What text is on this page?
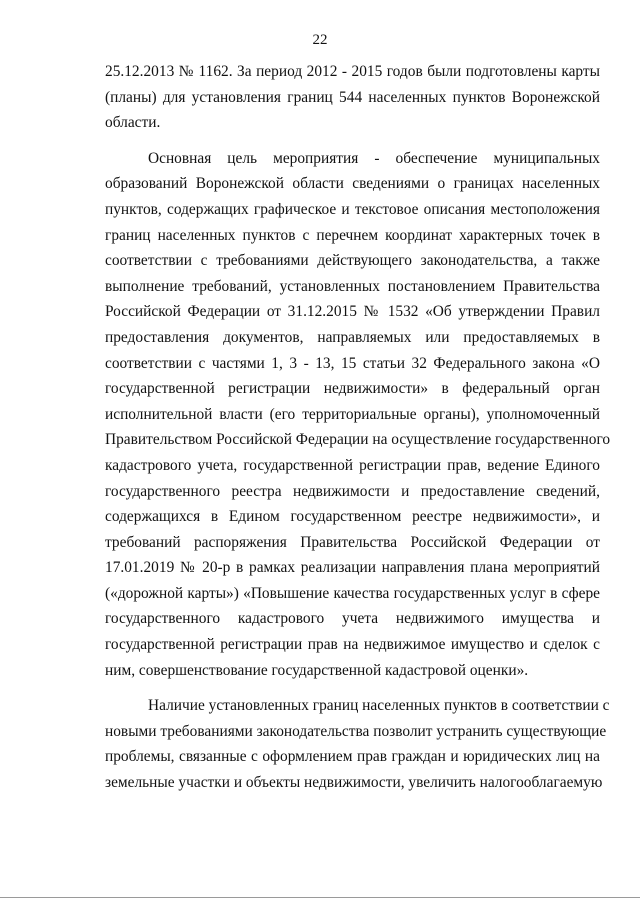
22
25.12.2013 № 1162. За период 2012 - 2015 годов были подготовлены карты
(планы) для установления границ 544 населенных пунктов Воронежской
области.
Основная цель мероприятия - обеспечение муниципальных
образований Воронежской области сведениями о границах населенных
пунктов, содержащих графическое и текстовое описания местоположения
границ населенных пунктов с перечнем координат характерных точек в
соответствии с требованиями действующего законодательства, а также
выполнение требований, установленных постановлением Правительства
Российской Федерации от 31.12.2015 № 1532 «Об утверждении Правил
предоставления документов, направляемых или предоставляемых в
соответствии с частями 1, 3 - 13, 15 статьи 32 Федерального закона «О
государственной регистрации недвижимости» в федеральный орган
исполнительной власти (его территориальные органы), уполномоченный
Правительством Российской Федерации на осуществление государственного
кадастрового учета, государственной регистрации прав, ведение Единого
государственного реестра недвижимости и предоставление сведений,
содержащихся в Едином государственном реестре недвижимости», и
требований распоряжения Правительства Российской Федерации от
17.01.2019 № 20-р в рамках реализации направления плана мероприятий
(«дорожной карты») «Повышение качества государственных услуг в сфере
государственного кадастрового учета недвижимого имущества и
государственной регистрации прав на недвижимое имущество и сделок с
ним, совершенствование государственной кадастровой оценки».
Наличие установленных границ населенных пунктов в соответствии с
новыми требованиями законодательства позволит устранить существующие
проблемы, связанные с оформлением прав граждан и юридических лиц на
земельные участки и объекты недвижимости, увеличить налогооблагаемую
